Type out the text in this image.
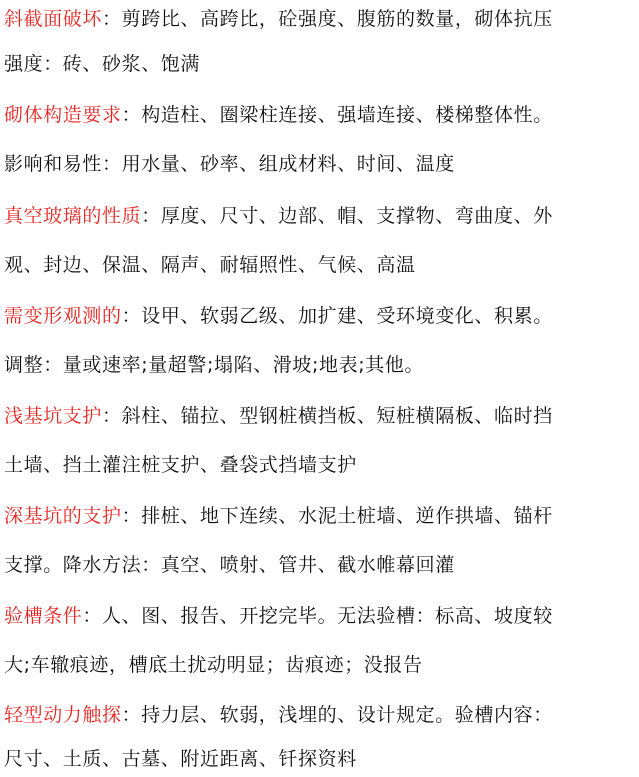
斜截面破坏：剪跨比、高跨比，砼强度、腹筋的数量，砌体抗压
强度：砖、砂浆、饱满
砌体构造要求：构造柱、圈梁柱连接、强墙连接、楼梯整体性。
影响和易性：用水量、砂率、组成材料、时间、温度
真空玻璃的性质：厚度、尺寸、边部、帽、支撑物、弯曲度、外
观、封边、保温、隔声、耐辐照性、气候、高温
需变形观测的：设甲、软弱乙级、加扩建、受环境变化、积累。
调整：量或速率;量超警;塌陷、滑坡;地表;其他。
浅基坑支护：斜柱、锚拉、型钢桩横挡板、短桩横隔板、临时挡
土墙、挡土灌注桩支护、叠袋式挡墙支护
深基坑的支护：排桩、地下连续、水泥土桩墙、逆作拱墙、锚杆
支撑。降水方法：真空、喷射、管井、截水帷幕回灌
验槽条件：人、图、报告、开挖完毕。无法验槽：标高、坡度较
大;车辙痕迹，槽底土扰动明显；齿痕迹；没报告
轻型动力触探：持力层、软弱，浅埋的、设计规定。验槽内容：
尺寸、土质、古墓、附近距离、钎探资料
